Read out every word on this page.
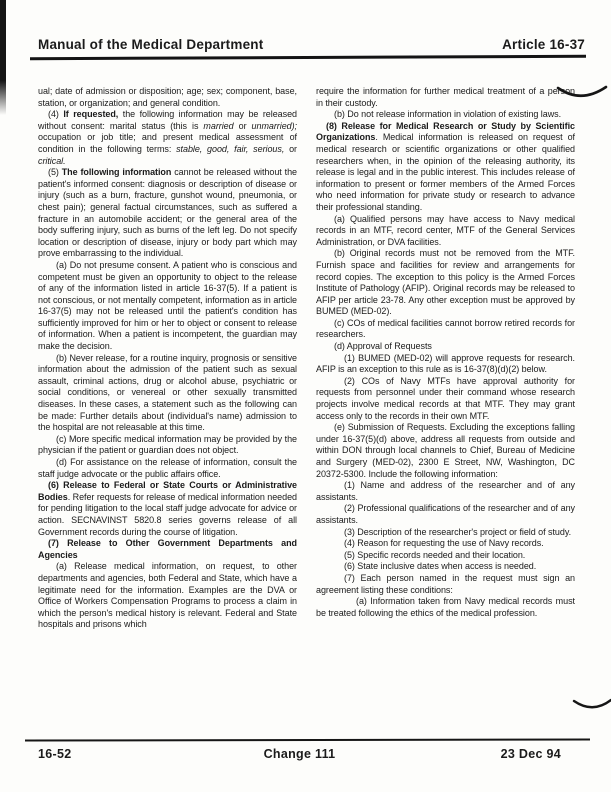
Manual of the Medical Department	Article 16-37

ual; date of admission or disposition; age; sex; component, base, station, or organization; and general condition.

(4) If requested, the following information may be released without consent: marital status (this is married or unmarried); occupation or job title; and present medical assessment of condition in the following terms: stable, good, fair, serious, or critical.

(5) The following information cannot be released without the patient's informed consent: diagnosis or description of disease or injury (such as a burn, fracture, gunshot wound, pneumonia, or chest pain); general factual circumstances, such as suffered a fracture in an automobile accident; or the general area of the body suffering injury, such as burns of the left leg. Do not specify location or description of disease, injury or body part which may prove embarrassing to the individual.

(a) Do not presume consent. A patient who is conscious and competent must be given an opportunity to object to the release of any of the information listed in article 16-37(5). If a patient is not conscious, or not mentally competent, information as in article 16-37(5) may not be released until the patient's condition has sufficiently improved for him or her to object or consent to release of information. When a patient is incompetent, the guardian may make the decision.

(b) Never release, for a routine inquiry, prognosis or sensitive information about the admission of the patient such as sexual assault, criminal actions, drug or alcohol abuse, psychiatric or social conditions, or venereal or other sexually transmitted diseases. In these cases, a statement such as the following can be made: Further details about (individual's name) admission to the hospital are not releasable at this time.

(c) More specific medical information may be provided by the physician if the patient or guardian does not object.

(d) For assistance on the release of information, consult the staff judge advocate or the public affairs office.

(6) Release to Federal or State Courts or Administrative Bodies. Refer requests for release of medical information needed for pending litigation to the local staff judge advocate for advice or action. SECNAVINST 5820.8 series governs release of all Government records during the course of litigation.

(7) Release to Other Government Departments and Agencies

(a) Release medical information, on request, to other departments and agencies, both Federal and State, which have a legitimate need for the information. Examples are the DVA or Office of Workers Compensation Programs to process a claim in which the person's medical history is relevant. Federal and State hospitals and prisons which

require the information for further medical treatment of a person in their custody.

(b) Do not release information in violation of existing laws.

(8) Release for Medical Research or Study by Scientific Organizations. Medical information is released on request of medical research or scientific organizations or other qualified researchers when, in the opinion of the releasing authority, its release is legal and in the public interest. This includes release of information to present or former members of the Armed Forces who need information for private study or research to advance their professional standing.

(a) Qualified persons may have access to Navy medical records in an MTF, record center, MTF of the General Services Administration, or DVA facilities.

(b) Original records must not be removed from the MTF. Furnish space and facilities for review and arrangements for record copies. The exception to this policy is the Armed Forces Institute of Pathology (AFIP). Original records may be released to AFIP per article 23-78. Any other exception must be approved by BUMED (MED-02).

(c) COs of medical facilities cannot borrow retired records for researchers.

(d) Approval of Requests

(1) BUMED (MED-02) will approve requests for research. AFIP is an exception to this rule as is 16-37(8)(d)(2) below.

(2) COs of Navy MTFs have approval authority for requests from personnel under their command whose research projects involve medical records at that MTF. They may grant access only to the records in their own MTF.

(e) Submission of Requests. Excluding the exceptions falling under 16-37(5)(d) above, address all requests from outside and within DON through local channels to Chief, Bureau of Medicine and Surgery (MED-02), 2300 E Street, NW, Washington, DC 20372-5300. Include the following information:

(1) Name and address of the researcher and of any assistants.

(2) Professional qualifications of the researcher and of any assistants.

(3) Description of the researcher's project or field of study.

(4) Reason for requesting the use of Navy records.

(5) Specific records needed and their location.

(6) State inclusive dates when access is needed.

(7) Each person named in the request must sign an agreement listing these conditions:

(a) Information taken from Navy medical records must be treated following the ethics of the medical profession.

16-52	Change 111	23 Dec 94
